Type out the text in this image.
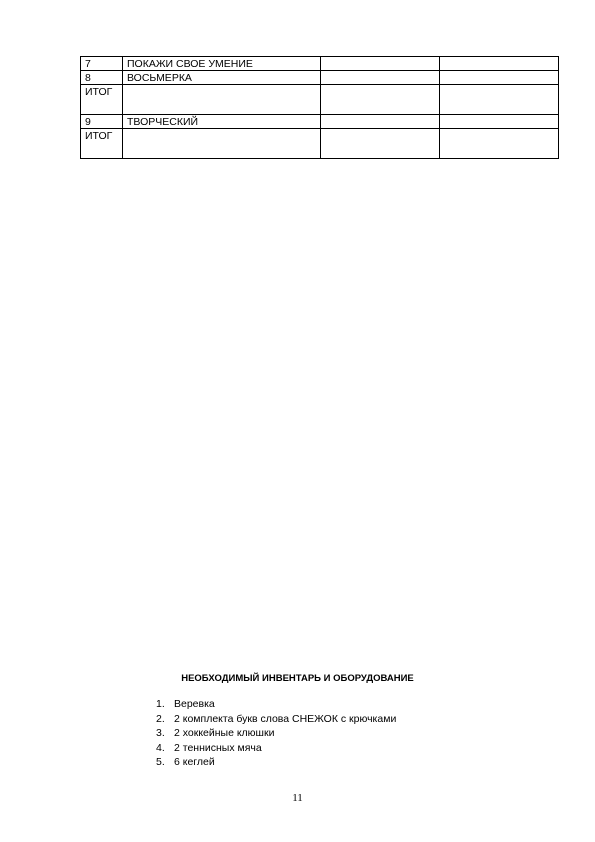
7	ПОКАЖИ СВОЕ УМЕНИЕ		
8	ВОСЬМЕРКА		
ИТОГ			
9	ТВОРЧЕСКИЙ		
ИТОГ			
НЕОБХОДИМЫЙ ИНВЕНТАРЬ И ОБОРУДОВАНИЕ
1. Веревка
2. 2 комплекта букв слова СНЕЖОК с крючками
3. 2 хоккейные клюшки
4. 2 теннисных мяча
5. 6 кеглей
11
